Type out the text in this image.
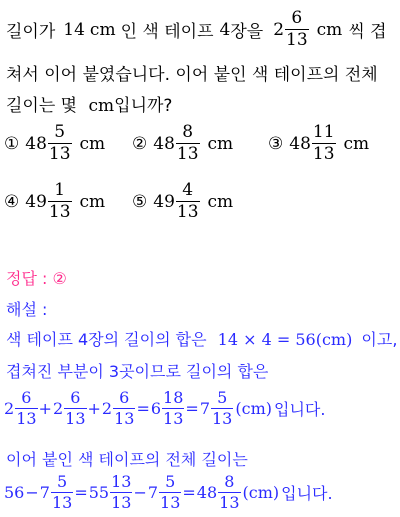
길이가 14 cm 인 색 테이프 4 장을 $2 \frac{6}{13}$ cm 씩 겹
쳐서 이어 붙였습니다. 이어 붙인 색 테이프의 전체
길이는 몇 cm입니까?
① $48 \frac{5}{13}$ cm ② $48 \frac{8}{13}$ cm ③ $48 \frac{11}{13}$ cm
④ $49 \frac{1}{13}$ cm ⑤ $49 \frac{4}{13}$ cm
정답 : ②
해설 :
색 테이프 4장의 길이의 합은 14 × 4 = 56(cm) 이고,
겹쳐진 부분이 3곳이므로 길이의 합은
$2 \frac{6}{13} + 2 \frac{6}{13} + 2 \frac{6}{13} = 6 \frac{18}{13} = 7 \frac{5}{13} (cm)$ 입니다.
이어 붙인 색 테이프의 전체 길이는
$56 - 7 \frac{5}{13} = 55 \frac{13}{13} - 7 \frac{5}{13} = 48 \frac{8}{13} (cm)$ 입니다.
